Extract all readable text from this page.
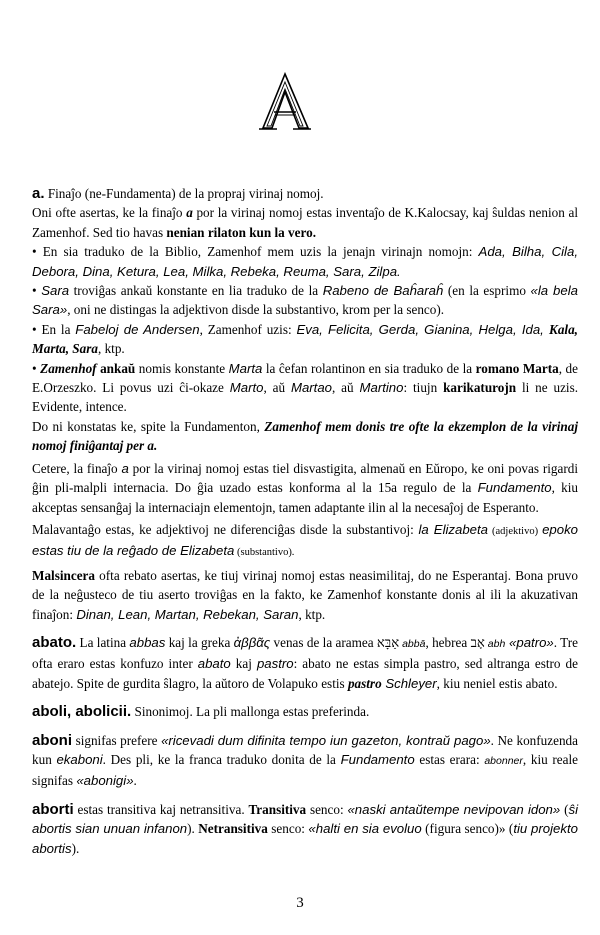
a. Finaĵo (ne-Fundamenta) de la propraj virinaj nomoj.

Oni ofte asertas, ke la finaĵo a por la virinaj nomoj estas inventaĵo de K.Kalocsay, kaj ŝuldas nenion al Zamenhof. Sed tio havas nenian rilaton kun la vero.

• En sia traduko de la Biblio, Zamenhof mem uzis la jenajn virinajn nomojn: Ada, Bilha, Cila, Debora, Dina, Ketura, Lea, Milka, Rebeka, Reuma, Sara, Zilpa.

• Sara troviĝas ankaŭ konstante en lia traduko de la Rabeno de Baĥaraĥ (en la esprimo «la bela Sara», oni ne distingas la adjektivon disde la substantivo, krom per la senco).

• En la Fabeloj de Andersen, Zamenhof uzis: Eva, Felicita, Gerda, Gianina, Helga, Ida, Kala, Marta, Sara, ktp.

• Zamenhof ankaŭ nomis konstante Marta la ĉefan rolantinon en sia traduko de la romano Marta, de E.Orzeszko. Li povus uzi ĉi-okaze Marto, aŭ Martao, aŭ Martino: tiujn karikaturojn li ne uzis. Evidente, intence.

Do ni konstatas ke, spite la Fundamenton, Zamenhof mem donis tre ofte la ekzemplon de la virinaj nomoj finiĝantaj per a.

Cetere, la finaĵo a por la virinaj nomoj estas tiel disvastigita, almenaŭ en Eŭropo, ke oni povas rigardi ĝin pli-malpli internacia. Do ĝia uzado estas konforma al la 15a regulo de la Fundamento, kiu akceptas sensanĝaj la internaciajn elementojn, tamen adaptante ilin al la necesaĵoj de Esperanto.

Malavantaĝo estas, ke adjektivoj ne diferenciĝas disde la substantivoj: la Elizabeta (adjektivo) epoko estas tiu de la reĝado de Elizabeta (substantivo).

Malsincera ofta rebato asertas, ke tiuj virinaj nomoj estas neasimilitaj, do ne Esperantaj. Bona pruvo de la neĝusteco de tiu aserto troviĝas en la fakto, ke Zamenhof konstante donis al ili la akuzativan finaĵon: Dinan, Lean, Martan, Rebekan, Saran, ktp.

abato. La latina abbas kaj la greka ἀββᾶς venas de la aramea אַבָּא abbā, hebrea אָב abh «patro». Tre ofta eraro estas konfuzo inter abato kaj pastro: abato ne estas simpla pastro, sed altranga estro de abatejo. Spite de gurdita ŝlagro, la aŭtoro de Volapuko estis pastro Schleyer, kiu neniel estis abato.

aboli, abolicii. Sinonimoj. La pli mallonga estas preferinda.

aboni signifas prefere «ricevadi dum difinita tempo iun gazeton, kontraŭ pago». Ne konfuzenda kun ekaboni. Des pli, ke la franca traduko donita de la Fundamento estas erara: abonner, kiu reale signifas «abonigi».

aborti estas transitiva kaj netransitiva. Transitiva senco: «naski antaŭtempe nevipovan idon» (ŝi abortis sian unuan infanon). Netransitiva senco: «halti en sia evoluo (figura senco)» (tiu projekto abortis).

3
